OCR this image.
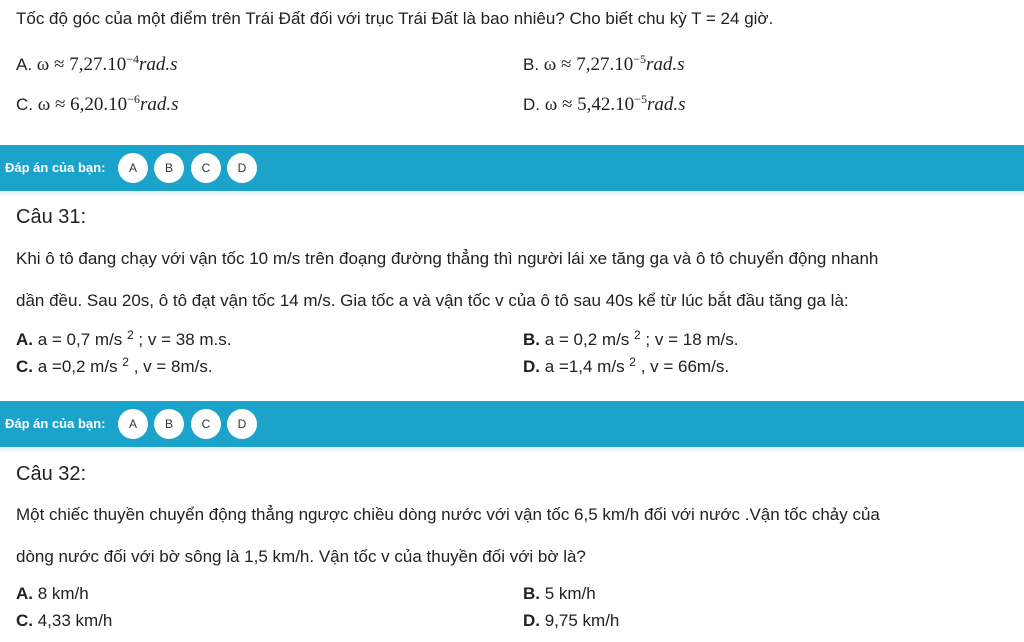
Tốc độ góc của một điểm trên Trái Đất đối với trục Trái Đất là bao nhiêu? Cho biết chu kỳ T = 24 giờ.
A. $\omega \approx 7,27.10^{-4}rad.s$	B. $\omega \approx 7,27.10^{-5}rad.s$
C. $\omega \approx 6,20.10^{-6}rad.s$	D. $\omega \approx 5,42.10^{-5}rad.s$
Đáp án của bạn:	A	B	C	D
Câu 31:
Khi ô tô đang chạy với vận tốc 10 m/s trên đoạng đường thẳng thì người lái xe tăng ga và ô tô chuyển động nhanh
dần đều. Sau 20s, ô tô đạt vận tốc 14 m/s. Gia tốc a và vận tốc v của ô tô sau 40s kể từ lúc bắt đầu tăng ga là:
A. a = 0,7 m/s $^2$ ; v = 38 m.s.	B. a = 0,2 m/s $^2$ ; v = 18 m/s.
C. a =0,2 m/s $^2$ , v = 8m/s.	D. a =1,4 m/s $^2$ , v = 66m/s.
Đáp án của bạn:	A	B	C	D
Câu 32:
Một chiếc thuyền chuyển động thẳng ngược chiều dòng nước với vận tốc 6,5 km/h đối với nước .Vận tốc chảy của
dòng nước đối với bờ sông là 1,5 km/h. Vận tốc v của thuyền đối với bờ là?
A. 8 km/h	B. 5 km/h
C. 4,33 km/h	D. 9,75 km/h
